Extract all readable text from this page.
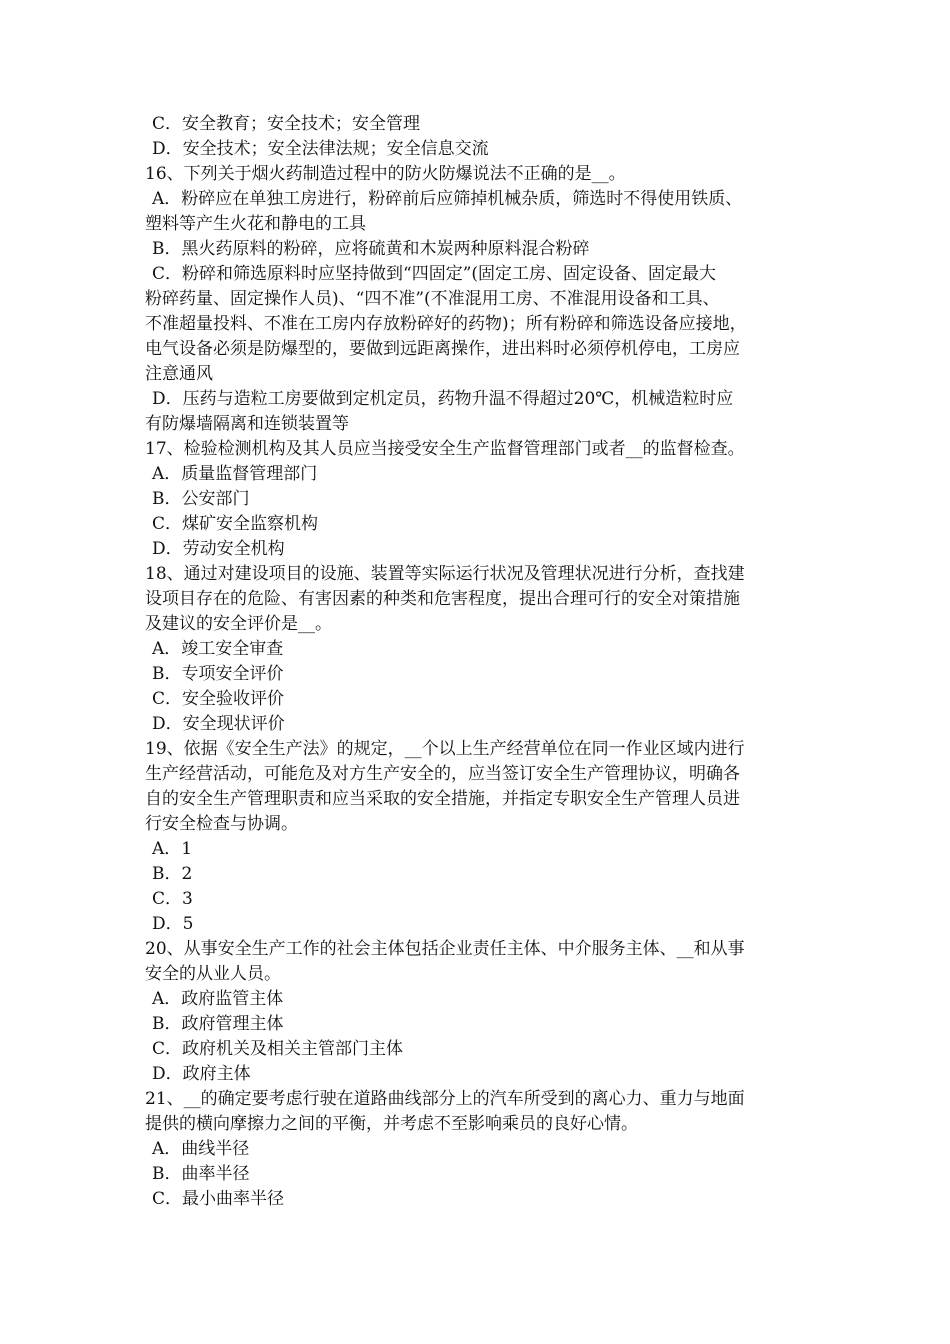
C．安全教育；安全技术；安全管理
D．安全技术；安全法律法规；安全信息交流
16、下列关于烟火药制造过程中的防火防爆说法不正确的是__。
A．粉碎应在单独工房进行，粉碎前后应筛掉机械杂质，筛选时不得使用铁质、
塑料等产生火花和静电的工具
B．黑火药原料的粉碎，应将硫黄和木炭两种原料混合粉碎
C．粉碎和筛选原料时应坚持做到“四固定”(固定工房、固定设备、固定最大
粉碎药量、固定操作人员)、“四不准”(不准混用工房、不准混用设备和工具、
不准超量投料、不准在工房内存放粉碎好的药物)；所有粉碎和筛选设备应接地，
电气设备必须是防爆型的，要做到远距离操作，进出料时必须停机停电，工房应
注意通风
D．压药与造粒工房要做到定机定员，药物升温不得超过20℃，机械造粒时应
有防爆墙隔离和连锁装置等
17、检验检测机构及其人员应当接受安全生产监督管理部门或者__的监督检查。
A．质量监督管理部门
B．公安部门
C．煤矿安全监察机构
D．劳动安全机构
18、通过对建设项目的设施、装置等实际运行状况及管理状况进行分析，查找建
设项目存在的危险、有害因素的种类和危害程度，提出合理可行的安全对策措施
及建议的安全评价是__。
A．竣工安全审查
B．专项安全评价
C．安全验收评价
D．安全现状评价
19、依据《安全生产法》的规定，__个以上生产经营单位在同一作业区域内进行
生产经营活动，可能危及对方生产安全的，应当签订安全生产管理协议，明确各
自的安全生产管理职责和应当采取的安全措施，并指定专职安全生产管理人员进
行安全检查与协调。
A．1
B．2
C．3
D．5
20、从事安全生产工作的社会主体包括企业责任主体、中介服务主体、__和从事
安全的从业人员。
A．政府监管主体
B．政府管理主体
C．政府机关及相关主管部门主体
D．政府主体
21、__的确定要考虑行驶在道路曲线部分上的汽车所受到的离心力、重力与地面
提供的横向摩擦力之间的平衡，并考虑不至影响乘员的良好心情。
A．曲线半径
B．曲率半径
C．最小曲率半径
